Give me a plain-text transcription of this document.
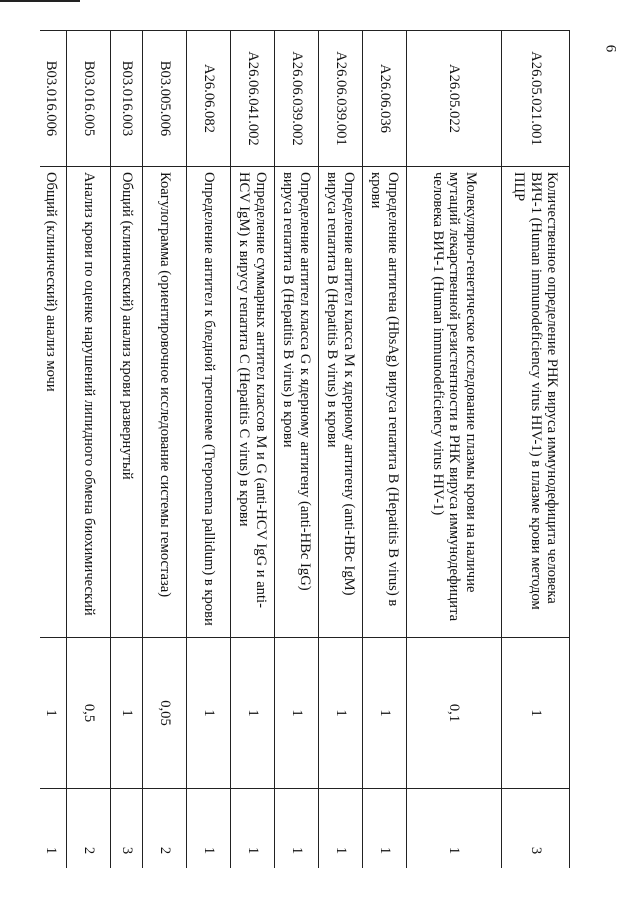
6
A26.05.021.001	Количественное определение РНК вируса иммунодефицита человека ВИЧ-1 (Human immunodeficiency virus HIV-1) в плазме крови методом ПЦР	1	3
A26.05.022	Молекулярно-генетическое исследование плазмы крови на наличие мутаций лекарственной резистентности в РНК вируса иммунодефицита человека ВИЧ-1 (Human immunodeficiency virus HIV-1)	0,1	1
A26.06.036	Определение антигена (HbsAg) вируса гепатита В (Hepatitis B virus) в крови	1	1
A26.06.039.001	Определение антител класса М к ядерному антигену (anti-HBc IgM) вируса гепатита В (Hepatitis B virus) в крови	1	1
A26.06.039.002	Определение антител класса G к ядерному антигену (anti-HBc IgG) вируса гепатита В (Hepatitis B virus) в крови	1	1
A26.06.041.002	Определение суммарных антител классов M и G (anti-HCV IgG и anti-HCV IgM) к вирусу гепатита С (Hepatitis C virus) в крови	1	1
A26.06.082	Определение антител к бледной трепонеме (Treponema pallidum) в крови	1	1
B03.005.006	Коагулограмма (ориентировочное исследование системы гемостаза)	0,05	2
B03.016.003	Общий (клинический) анализ крови развернутый	1	3
B03.016.005	Анализ крови по оценке нарушений липидного обмена биохимический	0,5	2
B03.016.006	Общий (клинический) анализ мочи	1	1
